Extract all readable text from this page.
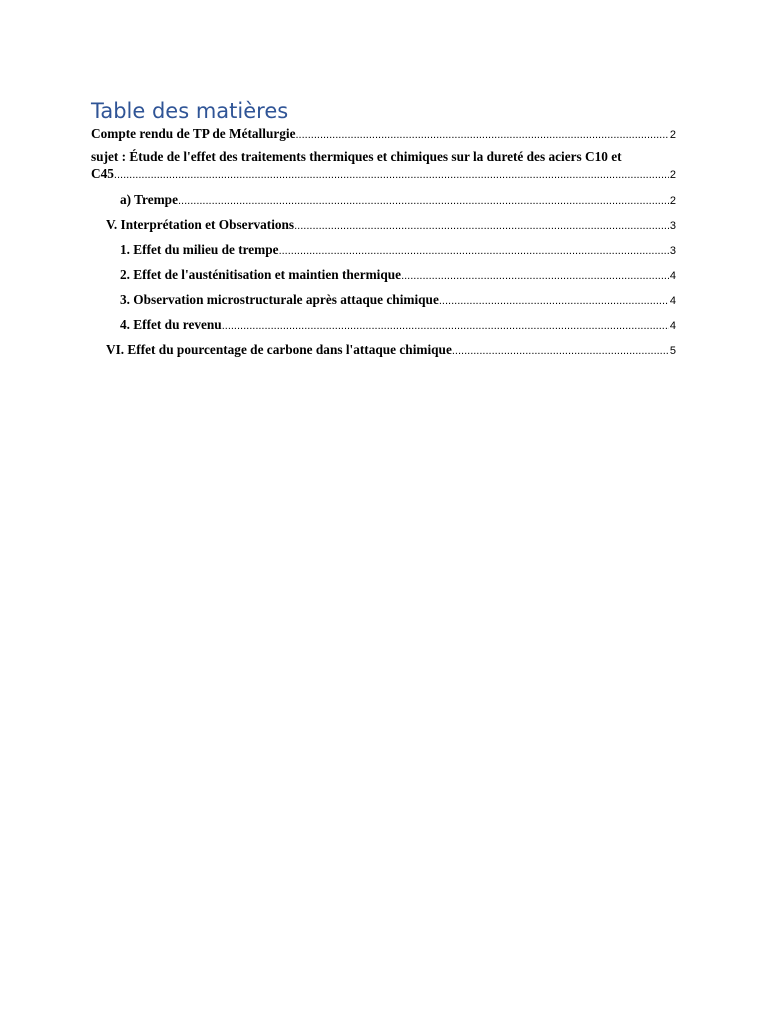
Table des matières
Compte rendu de TP de Métallurgie .....	2
sujet : Étude de l'effet des traitements thermiques et chimiques sur la dureté des aciers C10 et
C45 .....	2
a) Trempe .....	2
V. Interprétation et Observations .....	3
1. Effet du milieu de trempe .....	3
2. Effet de l'austénitisation et maintien thermique .....	4
3. Observation microstructurale après attaque chimique .....	4
4. Effet du revenu .....	4
VI. Effet du pourcentage de carbone dans l'attaque chimique .....	5
